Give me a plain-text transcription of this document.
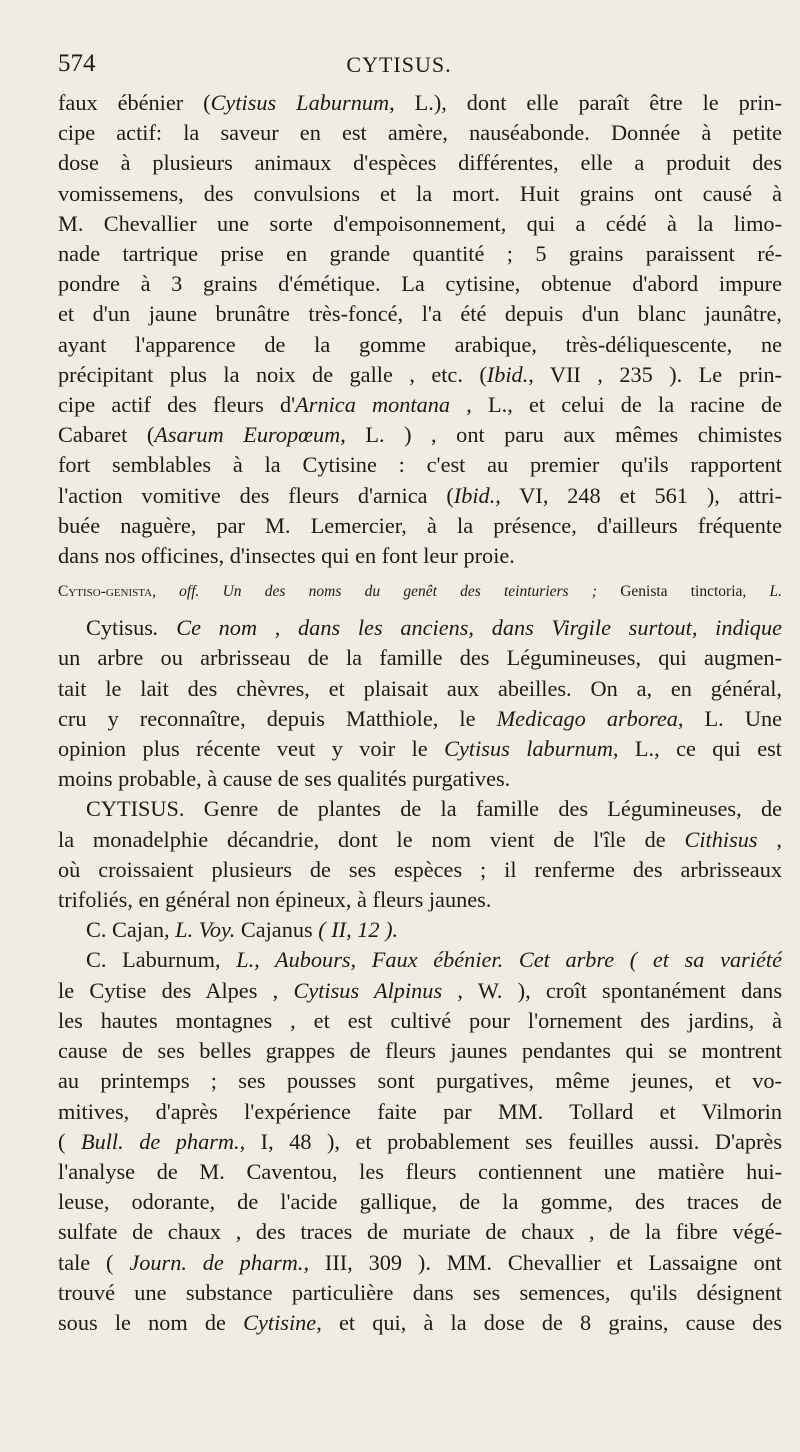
574	CYTISUS.
faux ébénier (Cytisus Laburnum, L.), dont elle paraît être le prin-
cipe actif: la saveur en est amère, nauséabonde. Donnée à petite
dose à plusieurs animaux d'espèces différentes, elle a produit des
vomissemens, des convulsions et la mort. Huit grains ont causé à
M. Chevallier une sorte d'empoisonnement, qui a cédé à la limo-
nade tartrique prise en grande quantité ; 5 grains paraissent ré-
pondre à 3 grains d'émétique. La cytisine, obtenue d'abord impure
et d'un jaune brunâtre très-foncé, l'a été depuis d'un blanc jaunâtre,
ayant l'apparence de la gomme arabique, très-déliquescente, ne
précipitant plus la noix de galle , etc. (Ibid., VII , 235 ). Le prin-
cipe actif des fleurs d'Arnica montana , L., et celui de la racine de
Cabaret (Asarum Europœum, L. ) , ont paru aux mêmes chimistes
fort semblables à la Cytisine : c'est au premier qu'ils rapportent
l'action vomitive des fleurs d'arnica (Ibid., VI, 248 et 561 ), attri-
buée naguère, par M. Lemercier, à la présence, d'ailleurs fréquente
dans nos officines, d'insectes qui en font leur proie.
Cytiso-genista, off. Un des noms du genêt des teinturiers ; Genista tinctoria, L.
Cytisus. Ce nom , dans les anciens, dans Virgile surtout, indique
un arbre ou arbrisseau de la famille des Légumineuses, qui augmen-
tait le lait des chèvres, et plaisait aux abeilles. On a, en général,
cru y reconnaître, depuis Matthiole, le Medicago arborea, L. Une
opinion plus récente veut y voir le Cytisus laburnum, L., ce qui est
moins probable, à cause de ses qualités purgatives.
CYTISUS. Genre de plantes de la famille des Légumineuses, de
la monadelphie décandrie, dont le nom vient de l'île de Cithisus ,
où croissaient plusieurs de ses espèces ; il renferme des arbrisseaux
trifoliés, en général non épineux, à fleurs jaunes.
C. Cajan, L. Voy. Cajanus ( II, 12 ).
C. Laburnum, L., Aubours, Faux ébénier. Cet arbre ( et sa variété
le Cytise des Alpes , Cytisus Alpinus , W. ), croît spontanément dans
les hautes montagnes , et est cultivé pour l'ornement des jardins, à
cause de ses belles grappes de fleurs jaunes pendantes qui se montrent
au printemps ; ses pousses sont purgatives, même jeunes, et vo-
mitives, d'après l'expérience faite par MM. Tollard et Vilmorin
( Bull. de pharm., I, 48 ), et probablement ses feuilles aussi. D'après
l'analyse de M. Caventou, les fleurs contiennent une matière hui-
leuse, odorante, de l'acide gallique, de la gomme, des traces de
sulfate de chaux , des traces de muriate de chaux , de la fibre végé-
tale ( Journ. de pharm., III, 309 ). MM. Chevallier et Lassaigne ont
trouvé une substance particulière dans ses semences, qu'ils désignent
sous le nom de Cytisine, et qui, à la dose de 8 grains, cause des
